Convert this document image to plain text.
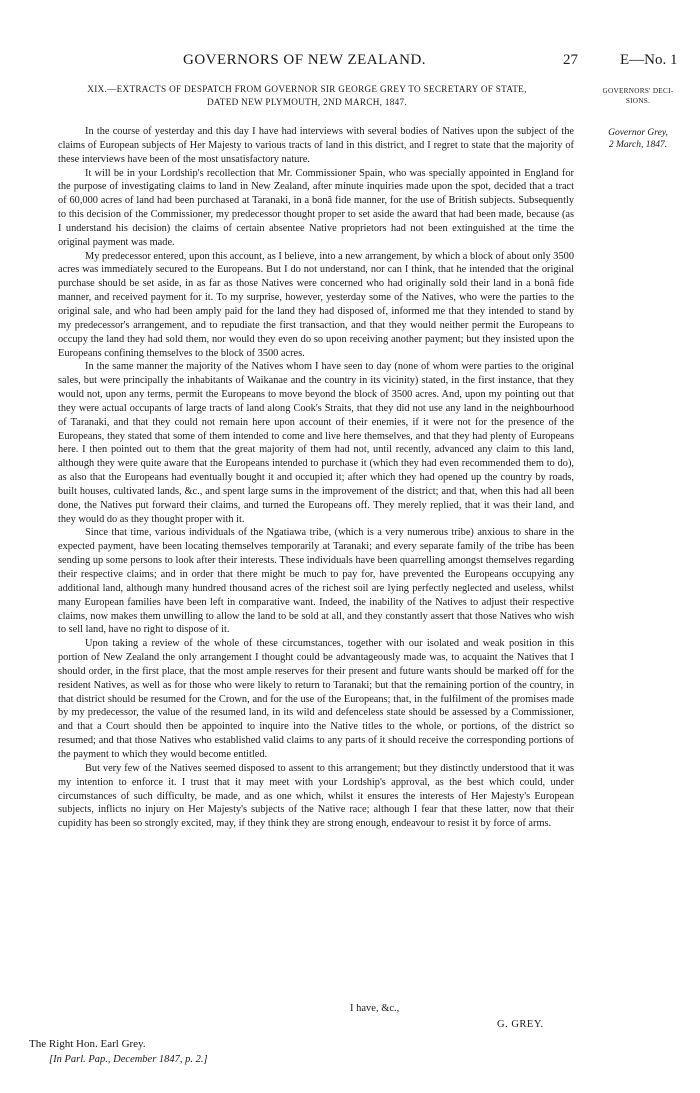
GOVERNORS OF NEW ZEALAND.	27	E—No. 1
XIX.—EXTRACTS OF DESPATCH FROM GOVERNOR SIR GEORGE GREY TO SECRETARY OF STATE,
DATED NEW PLYMOUTH, 2ND MARCH, 1847.
GOVERNORS' DECI-
SIONS.
Governor Grey,
2 March, 1847.

In the course of yesterday and this day I have had interviews with several bodies of Natives upon the subject of the claims of European subjects of Her Majesty to various tracts of land in this district, and I regret to state that the majority of these interviews have been of the most unsatisfactory nature.

It will be in your Lordship's recollection that Mr. Commissioner Spain, who was specially appointed in England for the purpose of investigating claims to land in New Zealand, after minute inquiries made upon the spot, decided that a tract of 60,000 acres of land had been purchased at Taranaki, in a bonâ fide manner, for the use of British subjects. Subsequently to this decision of the Commissioner, my predecessor thought proper to set aside the award that had been made, because (as I understand his decision) the claims of certain absentee Native proprietors had not been extinguished at the time the original payment was made.

My predecessor entered, upon this account, as I believe, into a new arrangement, by which a block of about only 3500 acres was immediately secured to the Europeans. But I do not understand, nor can I think, that he intended that the original purchase should be set aside, in as far as those Natives were concerned who had originally sold their land in a bonâ fide manner, and received payment for it. To my surprise, however, yesterday some of the Natives, who were the parties to the original sale, and who had been amply paid for the land they had disposed of, informed me that they intended to stand by my predecessor's arrangement, and to repudiate the first transaction, and that they would neither permit the Europeans to occupy the land they had sold them, nor would they even do so upon receiving another payment; but they insisted upon the Europeans confining themselves to the block of 3500 acres.

In the same manner the majority of the Natives whom I have seen to day (none of whom were parties to the original sales, but were principally the inhabitants of Waikanae and the country in its vicinity) stated, in the first instance, that they would not, upon any terms, permit the Europeans to move beyond the block of 3500 acres. And, upon my pointing out that they were actual occupants of large tracts of land along Cook's Straits, that they did not use any land in the neighbourhood of Taranaki, and that they could not remain here upon account of their enemies, if it were not for the presence of the Europeans, they stated that some of them intended to come and live here themselves, and that they had plenty of Europeans here. I then pointed out to them that the great majority of them had not, until recently, advanced any claim to this land, although they were quite aware that the Europeans intended to purchase it (which they had even recommended them to do), as also that the Europeans had eventually bought it and occupied it; after which they had opened up the country by roads, built houses, cultivated lands, &c., and spent large sums in the improvement of the district; and that, when this had all been done, the Natives put forward their claims, and turned the Europeans off. They merely replied, that it was their land, and they would do as they thought proper with it.

Since that time, various individuals of the Ngatiawa tribe, (which is a very numerous tribe) anxious to share in the expected payment, have been locating themselves temporarily at Taranaki; and every separate family of the tribe has been sending up some persons to look after their interests. These individuals have been quarrelling amongst themselves regarding their respective claims; and in order that there might be much to pay for, have prevented the Europeans occupying any additional land, although many hundred thousand acres of the richest soil are lying perfectly neglected and useless, whilst many European families have been left in comparative want. Indeed, the inability of the Natives to adjust their respective claims, now makes them unwilling to allow the land to be sold at all, and they constantly assert that those Natives who wish to sell land, have no right to dispose of it.

Upon taking a review of the whole of these circumstances, together with our isolated and weak position in this portion of New Zealand the only arrangement I thought could be advantageously made was, to acquaint the Natives that I should order, in the first place, that the most ample reserves for their present and future wants should be marked off for the resident Natives, as well as for those who were likely to return to Taranaki; but that the remaining portion of the country, in that district should be resumed for the Crown, and for the use of the Europeans; that, in the fulfilment of the promises made by my predecessor, the value of the resumed land, in its wild and defenceless state should be assessed by a Commissioner, and that a Court should then be appointed to inquire into the Native titles to the whole, or portions, of the district so resumed; and that those Natives who established valid claims to any parts of it should receive the corresponding portions of the payment to which they would become entitled.

But very few of the Natives seemed disposed to assent to this arrangement; but they distinctly understood that it was my intention to enforce it. I trust that it may meet with your Lordship's approval, as the best which could, under circumstances of such difficulty, be made, and as one which, whilst it ensures the interests of Her Majesty's European subjects, inflicts no injury on Her Majesty's subjects of the Native race; although I fear that these latter, now that their cupidity has been so strongly excited, may, if they think they are strong enough, endeavour to resist it by force of arms.

I have, &c.,
G. GREY.
The Right Hon. Earl Grey.
[In Parl. Pap., December 1847, p. 2.]
